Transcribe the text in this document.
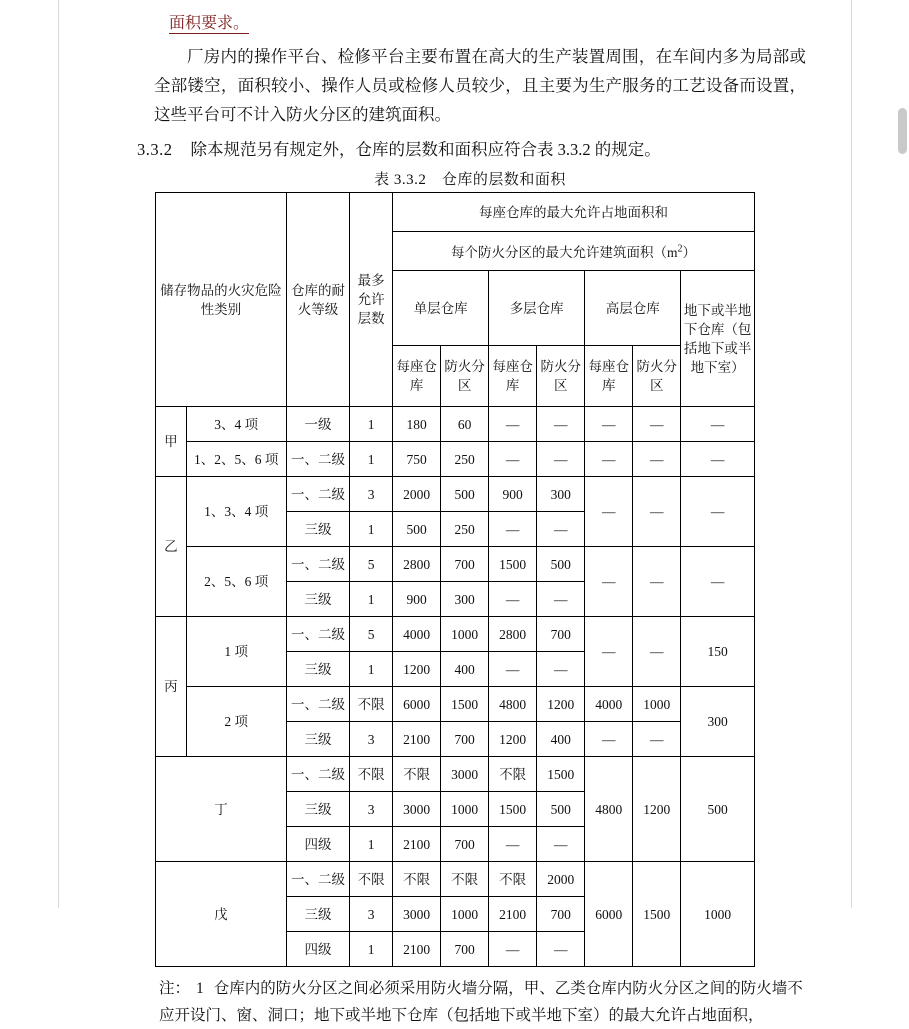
面积要求。

厂房内的操作平台、检修平台主要布置在高大的生产装置周围，在车间内多为局部或全部镂空，面积较小、操作人员或检修人员较少，且主要为生产服务的工艺设备而设置，这些平台可不计入防火分区的建筑面积。

3.3.2 除本规范另有规定外，仓库的层数和面积应符合表 3.3.2 的规定。

表 3.3.2　仓库的层数和面积
储存物品的火灾危险性类别		仓库的耐火等级	最多允许层数	每座仓库的最大允许占地面积和						
				每个防火分区的最大允许建筑面积$(m^2)$						
				单层仓库		多层仓库		高层仓库		地下或半地下仓库（包括地下或半地下室）
				每座仓库	防火分区	每座仓库	防火分区	每座仓库	防火分区	
甲	3、4 项	一级	1	180	60	—	—	—	—	—
	1、2、5、6 项	一、二级	1	750	250	—	—	—	—	—
乙	1、3、4 项	一、二级	3	2000	500	900	300	—	—	—
		三级	1	500	250	—	—			
	2、5、6 项	一、二级	5	2800	700	1500	500	—	—	—
		三级	1	900	300	—	—			
丙	1 项	一、二级	5	4000	1000	2800	700	—	—	150
		三级	1	1200	400	—	—			
	2 项	一、二级	不限	6000	1500	4800	1200	4000	1000	300
		三级	3	2100	700	1200	400	—	—	
丁		一、二级	不限	不限	3000	不限	1500	4800	1200	500
		三级	3	3000	1000	1500	500			
		四级	1	2100	700	—	—			
戊		一、二级	不限	不限	不限	不限	2000	6000	1500	1000
		三级	3	3000	1000	2100	700			
		四级	1	2100	700	—	—			

注： 1 仓库内的防火分区之间必须采用防火墙分隔，甲、乙类仓库内防火分区之间的防火墙不

应开设门、窗、洞口；地下或半地下仓库（包括地下或半地下室）的最大允许占地面积，
